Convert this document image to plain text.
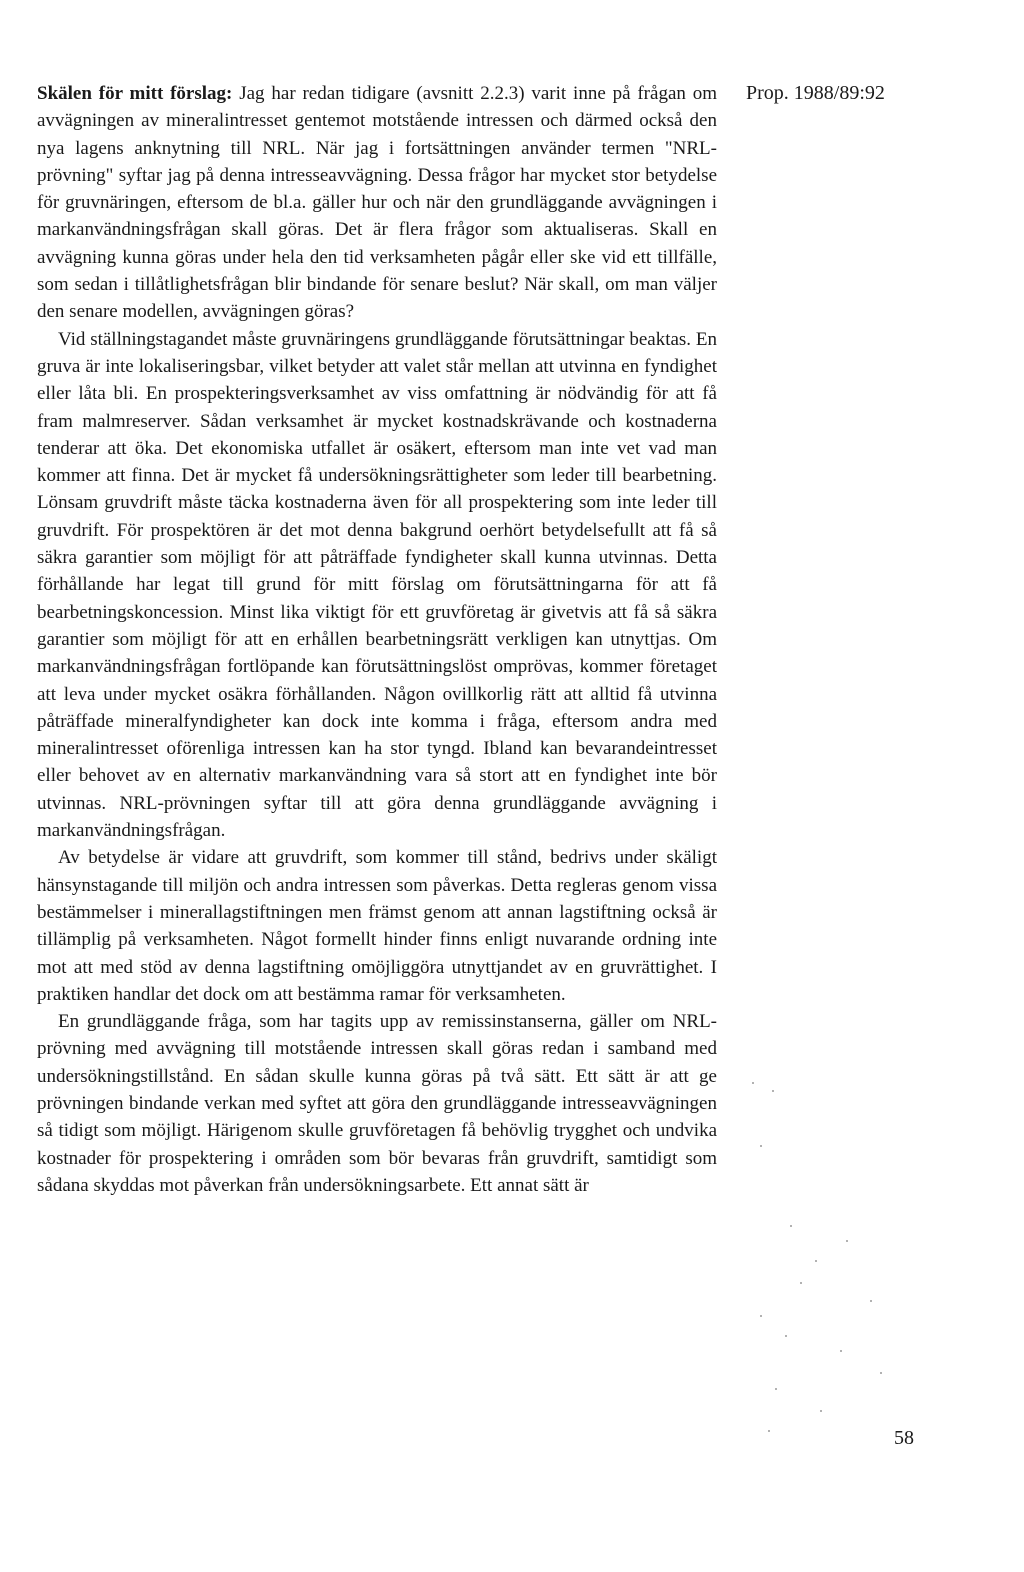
Prop. 1988/89:92

Skälen för mitt förslag: Jag har redan tidigare (avsnitt 2.2.3) varit inne på frågan om avvägningen av mineralintresset gentemot motstående intressen och därmed också den nya lagens anknytning till NRL. När jag i fortsättningen använder termen "NRL-prövning" syftar jag på denna intresseavvägning. Dessa frågor har mycket stor betydelse för gruvnäringen, eftersom de bl.a. gäller hur och när den grundläggande avvägningen i markanvändningsfrågan skall göras. Det är flera frågor som aktualiseras. Skall en avvägning kunna göras under hela den tid verksamheten pågår eller ske vid ett tillfälle, som sedan i tillåtlighetsfrågan blir bindande för senare beslut? När skall, om man väljer den senare modellen, avvägningen göras?

Vid ställningstagandet måste gruvnäringens grundläggande förutsättningar beaktas. En gruva är inte lokaliseringsbar, vilket betyder att valet står mellan att utvinna en fyndighet eller låta bli. En prospekteringsverksamhet av viss omfattning är nödvändig för att få fram malmreserver. Sådan verksamhet är mycket kostnadskrävande och kostnaderna tenderar att öka. Det ekonomiska utfallet är osäkert, eftersom man inte vet vad man kommer att finna. Det är mycket få undersökningsrättigheter som leder till bearbetning. Lönsam gruvdrift måste täcka kostnaderna även för all prospektering som inte leder till gruvdrift. För prospektören är det mot denna bakgrund oerhört betydelsefullt att få så säkra garantier som möjligt för att påträffade fyndigheter skall kunna utvinnas. Detta förhållande har legat till grund för mitt förslag om förutsättningarna för att få bearbetningskoncession. Minst lika viktigt för ett gruvföretag är givetvis att få så säkra garantier som möjligt för att en erhållen bearbetningsrätt verkligen kan utnyttjas. Om markanvändningsfrågan fortlöpande kan förutsättningslöst omprövas, kommer företaget att leva under mycket osäkra förhållanden. Någon ovillkorlig rätt att alltid få utvinna påträffade mineralfyndigheter kan dock inte komma i fråga, eftersom andra med mineralintresset oförenliga intressen kan ha stor tyngd. Ibland kan bevarandeintresset eller behovet av en alternativ markanvändning vara så stort att en fyndighet inte bör utvinnas. NRL-prövningen syftar till att göra denna grundläggande avvägning i markanvändningsfrågan.

Av betydelse är vidare att gruvdrift, som kommer till stånd, bedrivs under skäligt hänsynstagande till miljön och andra intressen som påverkas. Detta regleras genom vissa bestämmelser i minerallagstiftningen men främst genom att annan lagstiftning också är tillämplig på verksamheten. Något formellt hinder finns enligt nuvarande ordning inte mot att med stöd av denna lagstiftning omöjliggöra utnyttjandet av en gruvrättighet. I praktiken handlar det dock om att bestämma ramar för verksamheten.

En grundläggande fråga, som har tagits upp av remissinstanserna, gäller om NRL-prövning med avvägning till motstående intressen skall göras redan i samband med undersökningstillstånd. En sådan skulle kunna göras på två sätt. Ett sätt är att ge prövningen bindande verkan med syftet att göra den grundläggande intresseavvägningen så tidigt som möjligt. Härigenom skulle gruvföretagen få behövlig trygghet och undvika kostnader för prospektering i områden som bör bevaras från gruvdrift, samtidigt som sådana skyddas mot påverkan från undersökningsarbete. Ett annat sätt är

58
